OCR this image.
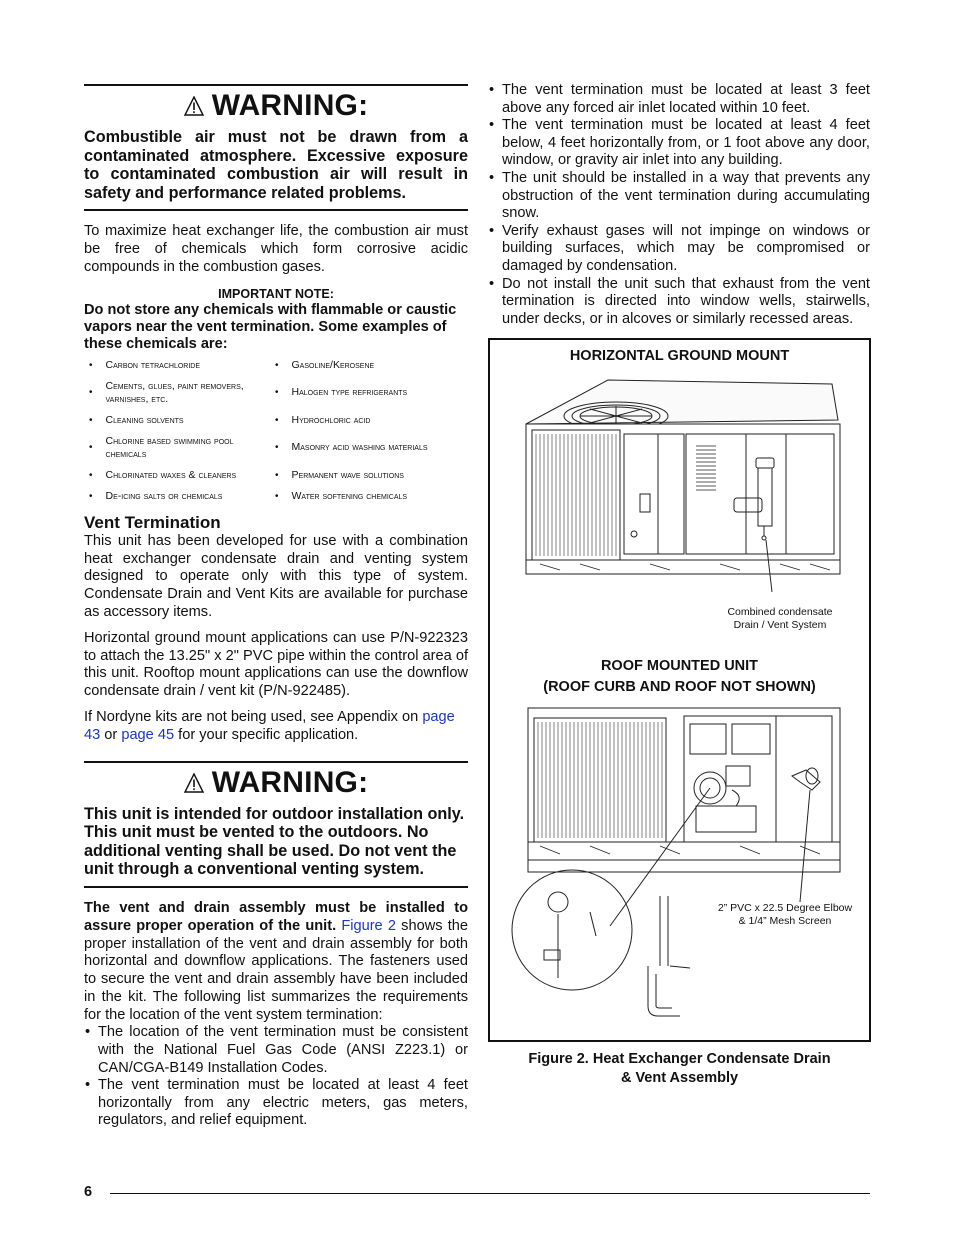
WARNING:
Combustible air must not be drawn from a contaminated atmosphere. Excessive exposure to contaminated combustion air will result in safety and performance related problems.

To maximize heat exchanger life, the combustion air must be free of chemicals which form corrosive acidic compounds in the combustion gases.

IMPORTANT NOTE:
Do not store any chemicals with flammable or caustic vapors near the vent termination. Some examples of these chemicals are:
• Carbon tetrachloride	• Gasoline/Kerosene
•
Cements, glues, paint removers, varnishes, etc.	• Halogen type refrigerants
• Cleaning solvents	• Hydrochloric acid
•
Chlorine based swimming pool chemicals	• Masonry acid washing materials
• Chlorinated waxes & cleaners	• Permanent wave solutions
• De-icing salts or chemicals	• Water softening chemicals
Vent Termination

This unit has been developed for use with a combination heat exchanger condensate drain and venting system designed to operate only with this type of system. Condensate Drain and Vent Kits are available for purchase as accessory items.

Horizontal ground mount applications can use P/N-922323 to attach the 13.25" x 2" PVC pipe within the control area of this unit. Rooftop mount applications can use the downflow condensate drain / vent kit (P/N-922485).

If Nordyne kits are not being used, see Appendix on page 43 or page 45 for your specific application.

WARNING:
This unit is intended for outdoor installation only. This unit must be vented to the outdoors. No additional venting shall be used. Do not vent the unit through a conventional venting system.

The vent and drain assembly must be installed to assure proper operation of the unit. Figure 2 shows the proper installation of the vent and drain assembly for both horizontal and downflow applications. The fasteners used to secure the vent and drain assembly have been included in the kit. The following list summarizes the requirements for the location of the vent system termination:

• The location of the vent termination must be consistent with the National Fuel Gas Code (ANSI Z223.1) or CAN/CGA-B149 Installation Codes.
• The vent termination must be located at least 4 feet horizontally from any electric meters, gas meters, regulators, and relief equipment.
• The vent termination must be located at least 3 feet above any forced air inlet located within 10 feet.
• The vent termination must be located at least 4 feet below, 4 feet horizontally from, or 1 foot above any door, window, or gravity air inlet into any building.
• The unit should be installed in a way that prevents any obstruction of the vent termination during accumulating snow.
• Verify exhaust gases will not impinge on windows or building surfaces, which may be compromised or damaged by condensation.
• Do not install the unit such that exhaust from the vent termination is directed into window wells, stairwells, under decks, or in alcoves or similarly recessed areas.
HORIZONTAL GROUND MOUNT
Combined condensate
Drain / Vent System
ROOF MOUNTED UNIT
(ROOF CURB AND ROOF NOT SHOWN)
2” PVC x 22.5 Degree Elbow
& 1/4” Mesh Screen
Figure 2. Heat Exchanger Condensate Drain
& Vent Assembly
6
